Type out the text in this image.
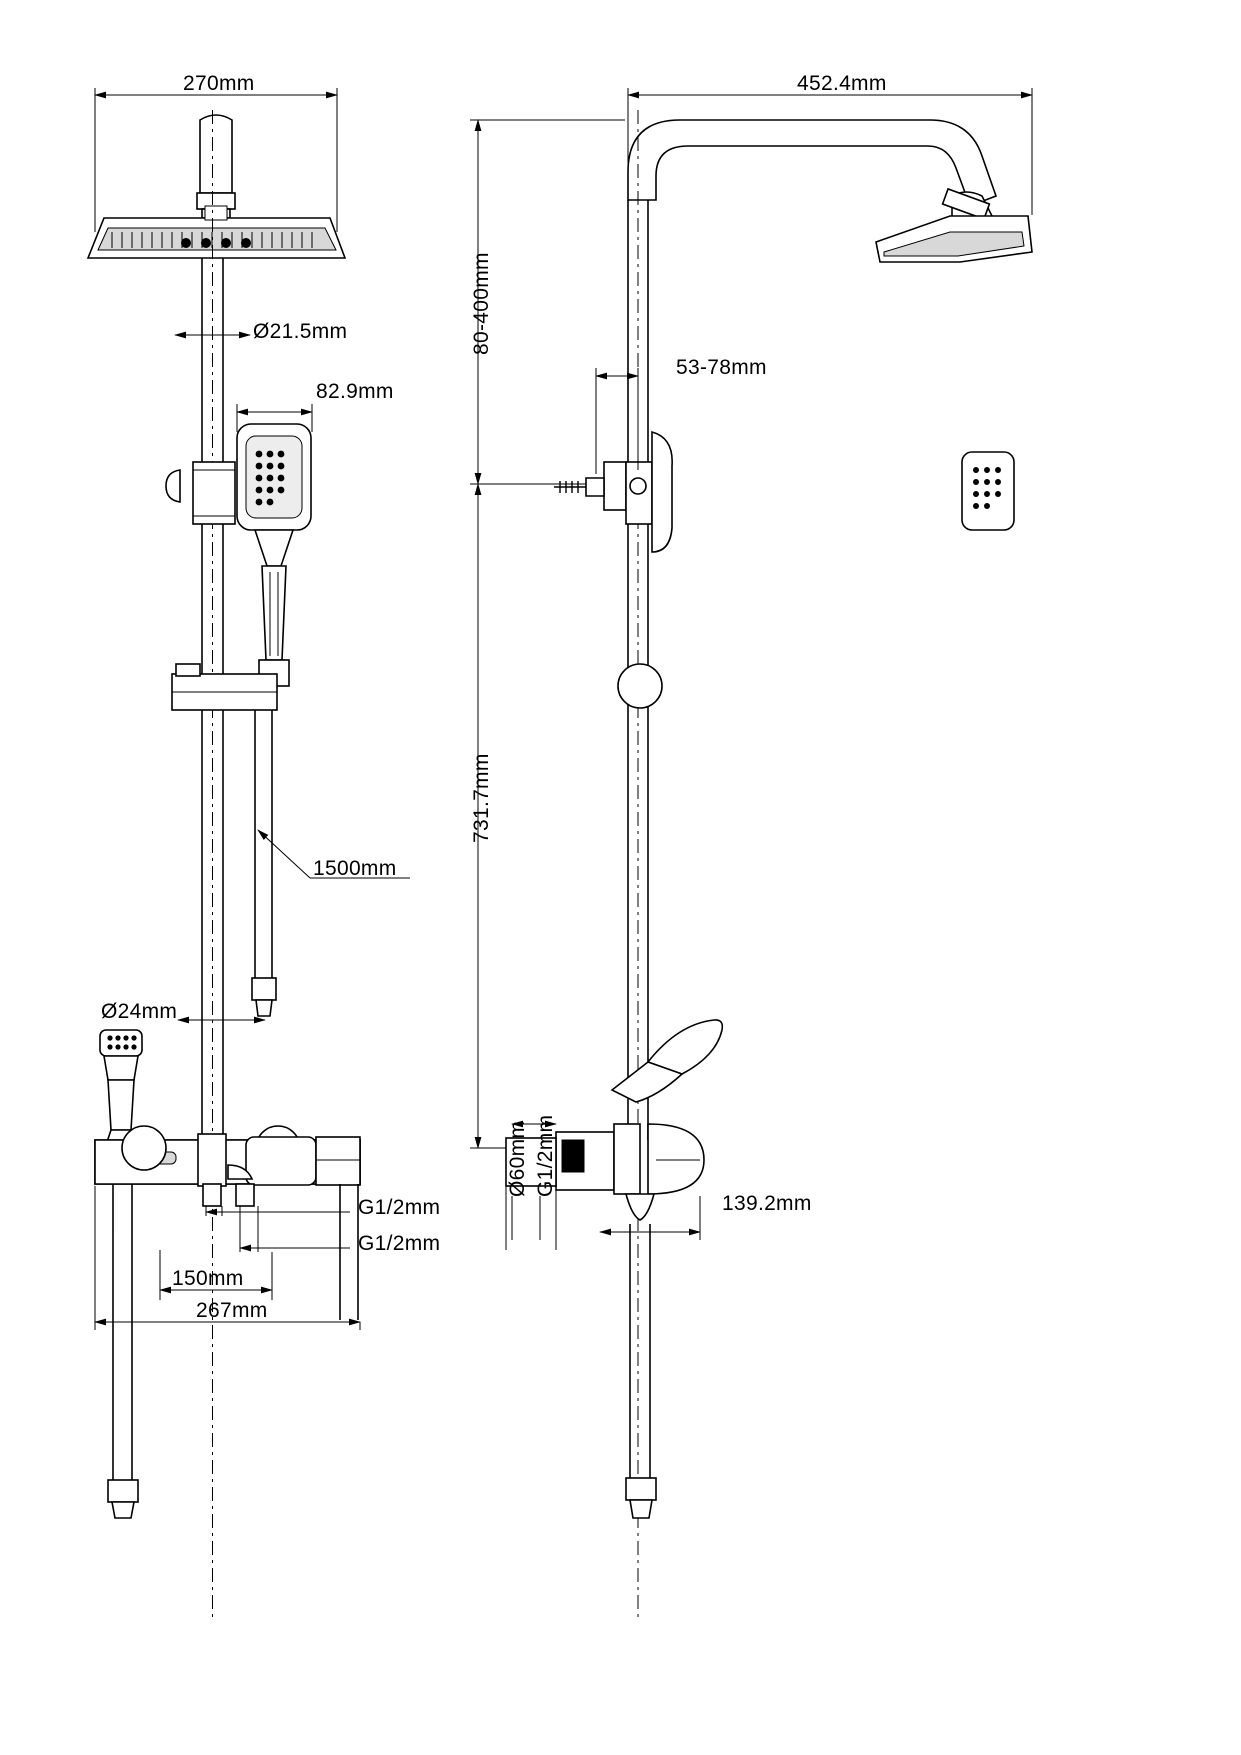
270mm
Ø21.5mm
82.9mm
1500mm
Ø24mm
G1/2mm
G1/2mm
150mm
267mm
452.4mm
80-400mm
53-78mm
731.7mm
Ø60mm G1/2mm
139.2mm
